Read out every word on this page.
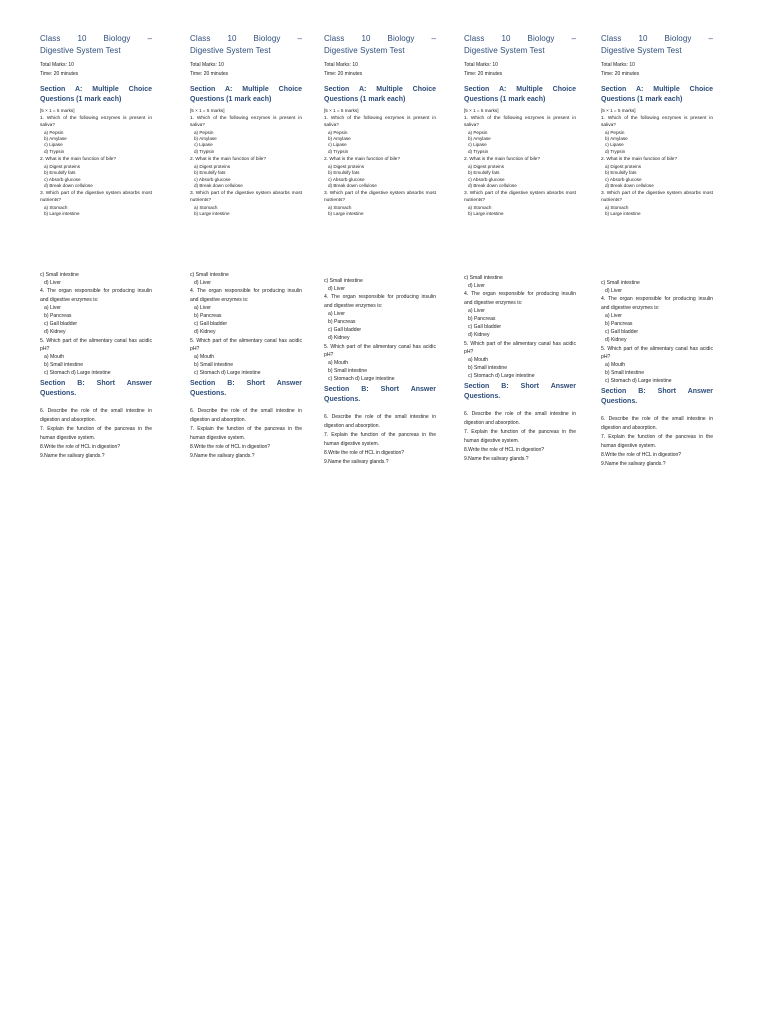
Class 10 Biology –
Digestive System Test
Total Marks: 10
Time: 20 minutes
Section A: Multiple Choice
Questions (1 mark each)
[5 × 1 = 5 marks]
1. Which of the following enzymes is present in saliva?
a) Pepsin
b) Amylase
c) Lipase
d) Trypsin
2. What is the main function of bile?
a) Digest proteins
b) Emulsify fats
c) Absorb glucose
d) Break down cellulose
3. Which part of the digestive system absorbs most nutrients?
a) Stomach
b) Large intestine
c) Small intestine
d) Liver
4. The organ responsible for producing insulin and digestive enzymes is:
a) Liver
b) Pancreas
c) Gall bladder
d) Kidney
5. Which part of the alimentary canal has acidic pH?
a) Mouth
b) Small intestine
c) Stomach d) Large intestine
Section B: Short Answer
Questions.
6. Describe the role of the small intestine in digestion and absorption.
7. Explain the function of the pancreas in the human digestive system.
8.Write the role of HCL in digestion?
9.Name the salivary glands.?
Class 10 Biology –
Digestive System Test
Total Marks: 10
Time: 20 minutes
Section A: Multiple Choice
Questions (1 mark each)
[5 × 1 = 5 marks]
1. Which of the following enzymes is present in saliva?
a) Pepsin
b) Amylase
c) Lipase
d) Trypsin
2. What is the main function of bile?
a) Digest proteins
b) Emulsify fats
c) Absorb glucose
d) Break down cellulose
3. Which part of the digestive system absorbs most nutrients?
a) Stomach
b) Large intestine
c) Small intestine
d) Liver
4. The organ responsible for producing insulin and digestive enzymes is:
a) Liver
b) Pancreas
c) Gall bladder
d) Kidney
5. Which part of the alimentary canal has acidic pH?
a) Mouth
b) Small intestine
c) Stomach d) Large intestine
Section B: Short Answer
Questions.
6. Describe the role of the small intestine in digestion and absorption.
7. Explain the function of the pancreas in the human digestive system.
8.Write the role of HCL in digestion?
9.Name the salivary glands.?
Class 10 Biology –
Digestive System Test
Total Marks: 10
Time: 20 minutes
Section A: Multiple Choice
Questions (1 mark each)
[5 × 1 = 5 marks]
1. Which of the following enzymes is present in saliva?
a) Pepsin
b) Amylase
c) Lipase
d) Trypsin
2. What is the main function of bile?
a) Digest proteins
b) Emulsify fats
c) Absorb glucose
d) Break down cellulose
3. Which part of the digestive system absorbs most nutrients?
a) Stomach
b) Large intestine
c) Small intestine
d) Liver
4. The organ responsible for producing insulin and digestive enzymes is:
a) Liver
b) Pancreas
c) Gall bladder
d) Kidney
5. Which part of the alimentary canal has acidic pH?
a) Mouth
b) Small intestine
c) Stomach d) Large intestine
Section B: Short Answer
Questions.
6. Describe the role of the small intestine in digestion and absorption.
7. Explain the function of the pancreas in the human digestive system.
8.Write the role of HCL in digestion?
9.Name the salivary glands.?
Class 10 Biology –
Digestive System Test
Total Marks: 10
Time: 20 minutes
Section A: Multiple Choice
Questions (1 mark each)
[5 × 1 = 5 marks]
1. Which of the following enzymes is present in saliva?
a) Pepsin
b) Amylase
c) Lipase
d) Trypsin
2. What is the main function of bile?
a) Digest proteins
b) Emulsify fats
c) Absorb glucose
d) Break down cellulose
3. Which part of the digestive system absorbs most nutrients?
a) Stomach
b) Large intestine
c) Small intestine
d) Liver
4. The organ responsible for producing insulin and digestive enzymes is:
a) Liver
b) Pancreas
c) Gall bladder
d) Kidney
5. Which part of the alimentary canal has acidic pH?
a) Mouth
b) Small intestine
c) Stomach d) Large intestine
Section B: Short Answer
Questions.
6. Describe the role of the small intestine in digestion and absorption.
7. Explain the function of the pancreas in the human digestive system.
8.Write the role of HCL in digestion?
9.Name the salivary glands.?
Class 10 Biology –
Digestive System Test
Total Marks: 10
Time: 20 minutes
Section A: Multiple Choice
Questions (1 mark each)
[5 × 1 = 5 marks]
1. Which of the following enzymes is present in saliva?
a) Pepsin
b) Amylase
c) Lipase
d) Trypsin
2. What is the main function of bile?
a) Digest proteins
b) Emulsify fats
c) Absorb glucose
d) Break down cellulose
3. Which part of the digestive system absorbs most nutrients?
a) Stomach
b) Large intestine
c) Small intestine
d) Liver
4. The organ responsible for producing insulin and digestive enzymes is:
a) Liver
b) Pancreas
c) Gall bladder
d) Kidney
5. Which part of the alimentary canal has acidic pH?
a) Mouth
b) Small intestine
c) Stomach d) Large intestine
Section B: Short Answer
Questions.
6. Describe the role of the small intestine in digestion and absorption.
7. Explain the function of the pancreas in the human digestive system.
8.Write the role of HCL in digestion?
9.Name the salivary glands.?
